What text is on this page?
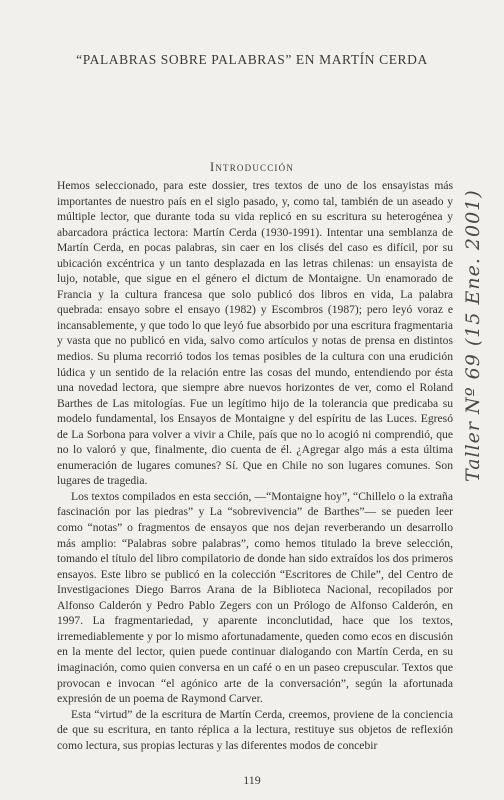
“PALABRAS SOBRE PALABRAS” EN MARTÍN CERDA
Introducción

Hemos seleccionado, para este dossier, tres textos de uno de los ensayistas más importantes de nuestro país en el siglo pasado, y, como tal, también de un aseado y múltiple lector, que durante toda su vida replicó en su escritura su heterogénea y abarcadora práctica lectora: Martín Cerda (1930-1991). Intentar una semblanza de Martín Cerda, en pocas palabras, sin caer en los clisés del caso es difícil, por su ubicación excéntrica y un tanto desplazada en las letras chilenas: un ensayista de lujo, notable, que sigue en el género el dictum de Montaigne. Un enamorado de Francia y la cultura francesa que solo publicó dos libros en vida, La palabra quebrada: ensayo sobre el ensayo (1982) y Escombros (1987); pero leyó voraz e incansablemente, y que todo lo que leyó fue absorbido por una escritura fragmentaria y vasta que no publicó en vida, salvo como artículos y notas de prensa en distintos medios. Su pluma recorrió todos los temas posibles de la cultura con una erudición lúdica y un sentido de la relación entre las cosas del mundo, entendiendo por ésta una novedad lectora, que siempre abre nuevos horizontes de ver, como el Roland Barthes de Las mitologías. Fue un legítimo hijo de la tolerancia que predicaba su modelo fundamental, los Ensayos de Montaigne y del espíritu de las Luces. Egresó de La Sorbona para volver a vivir a Chile, país que no lo acogió ni comprendió, que no lo valoró y que, finalmente, dio cuenta de él. ¿Agregar algo más a esta última enumeración de lugares comunes? Sí. Que en Chile no son lugares comunes. Son lugares de tragedia.

Los textos compilados en esta sección, —“Montaigne hoy”, “Chillelo o la extraña fascinación por las piedras” y La “sobrevivencia” de Barthes”— se pueden leer como “notas” o fragmentos de ensayos que nos dejan reverberando un desarrollo más amplio: “Palabras sobre palabras”, como hemos titulado la breve selección, tomando el título del libro compilatorio de donde han sido extraídos los dos primeros ensayos. Este libro se publicó en la colección “Escritores de Chile”, del Centro de Investigaciones Diego Barros Arana de la Biblioteca Nacional, recopilados por Alfonso Calderón y Pedro Pablo Zegers con un Prólogo de Alfonso Calderón, en 1997. La fragmentariedad, y aparente inconclutidad, hace que los textos, irremediablemente y por lo mismo afortunadamente, queden como ecos en discusión en la mente del lector, quien puede continuar dialogando con Martín Cerda, en su imaginación, como quien conversa en un café o en un paseo crepuscular. Textos que provocan e invocan “el agónico arte de la conversación”, según la afortunada expresión de un poema de Raymond Carver.

Esta “virtud” de la escritura de Martín Cerda, creemos, proviene de la conciencia de que su escritura, en tanto réplica a la lectura, restituye sus objetos de reflexión como lectura, sus propias lecturas y las diferentes modos de concebir

Taller Nº 69 (15 Ene. 2001)
119
